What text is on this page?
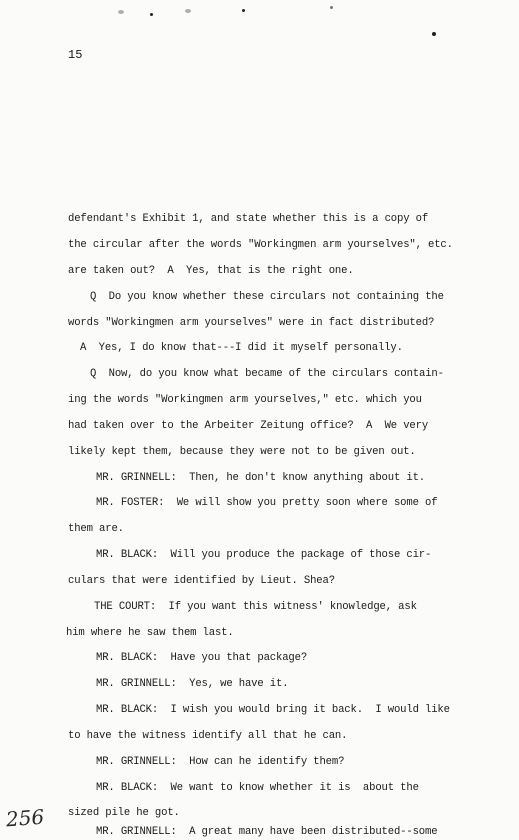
15
defendant's Exhibit 1, and state whether this is a copy of
the circular after the words "Workingmen arm yourselves", etc.
are taken out?  A  Yes, that is the right one.
Q  Do you know whether these circulars not containing the
words "Workingmen arm yourselves" were in fact distributed?
A  Yes, I do know that---I did it myself personally.
Q  Now, do you know what became of the circulars contain-
ing the words "Workingmen arm yourselves," etc. which you
had taken over to the Arbeiter Zeitung office?  A  We very
likely kept them, because they were not to be given out.
MR. GRINNELL:  Then, he don't know anything about it.
MR. FOSTER:  We will show you pretty soon where some of
them are.
MR. BLACK:  Will you produce the package of those cir-
culars that were identified by Lieut. Shea?
THE COURT:  If you want this witness' knowledge, ask
him where he saw them last.
MR. BLACK:  Have you that package?
MR. GRINNELL:  Yes, we have it.
MR. BLACK:  I wish you would bring it back.  I would like
to have the witness identify all that he can.
MR. GRINNELL:  How can he identify them?
MR. BLACK:  We want to know whether it is  about the
sized pile he got.
MR. GRINNELL:  A great many have been distributed--some
256
